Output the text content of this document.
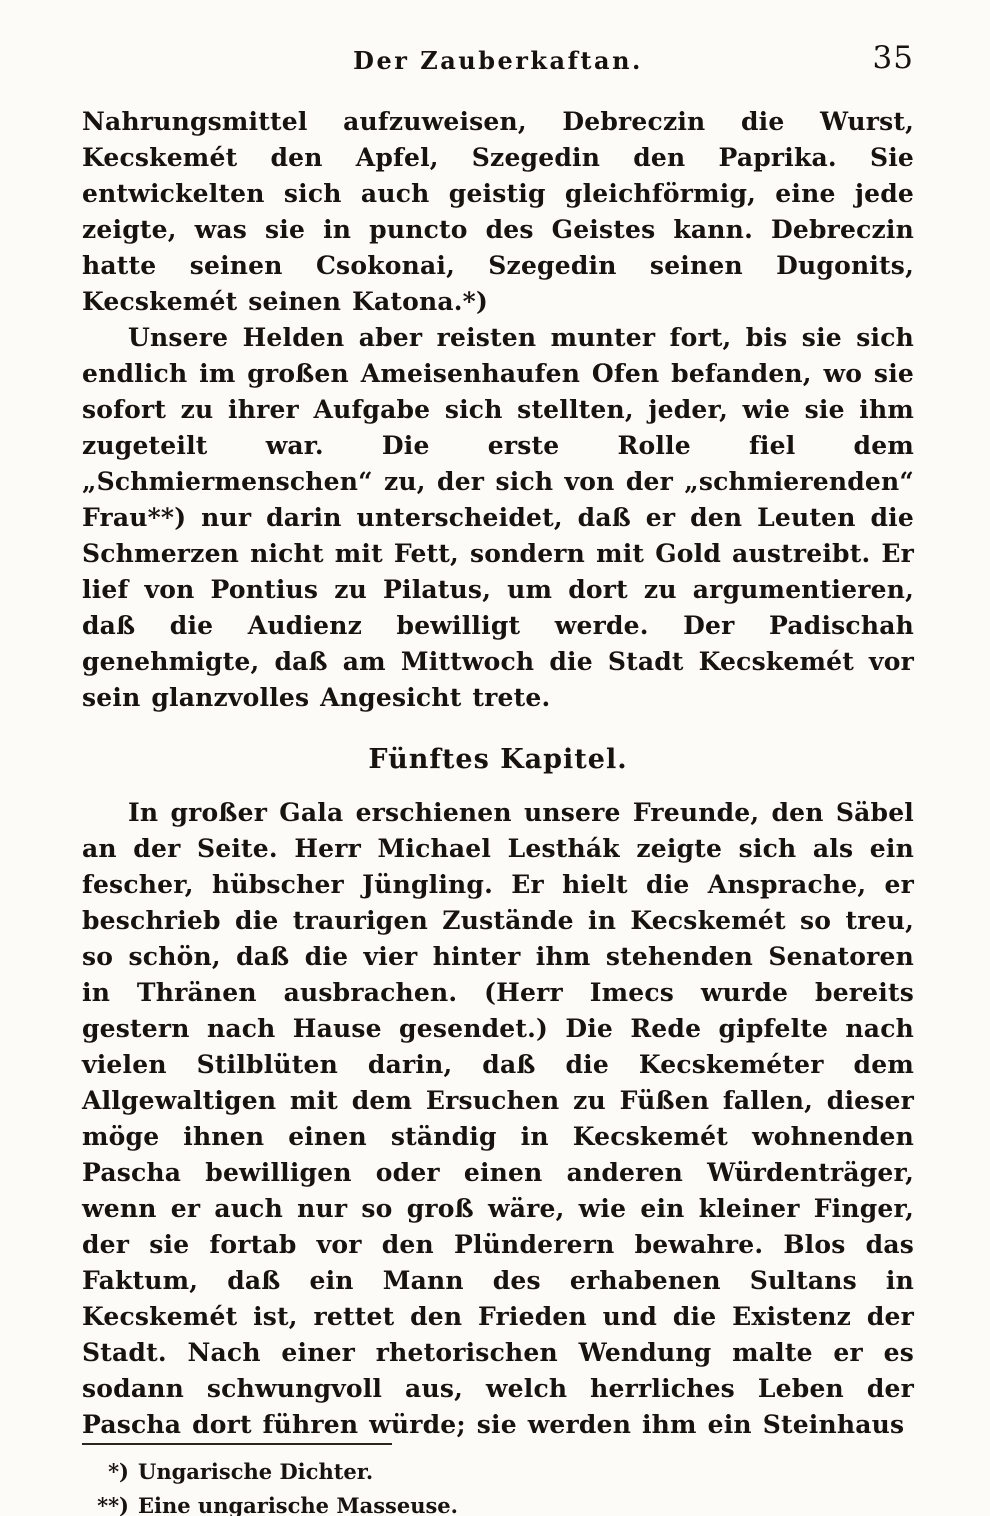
Der Zauberkaftan.	35

Nahrungsmittel aufzuweisen, Debreczin die Wurst, Kecskemét den Apfel, Szegedin den Paprika. Sie entwickelten sich auch geistig gleichförmig, eine jede zeigte, was sie in puncto des Geistes kann. Debreczin hatte seinen Csokonai, Szegedin seinen Dugonits, Kecskemét seinen Katona.*)

Unsere Helden aber reisten munter fort, bis sie sich endlich im großen Ameisenhaufen Ofen befanden, wo sie sofort zu ihrer Aufgabe sich stellten, jeder, wie sie ihm zugeteilt war. Die erste Rolle fiel dem „Schmiermenschen“ zu, der sich von der „schmierenden“ Frau**) nur darin unterscheidet, daß er den Leuten die Schmerzen nicht mit Fett, sondern mit Gold austreibt. Er lief von Pontius zu Pilatus, um dort zu argumentieren, daß die Audienz bewilligt werde. Der Padischah genehmigte, daß am Mittwoch die Stadt Kecskemét vor sein glanzvolles Angesicht trete.

Fünftes Kapitel.

In großer Gala erschienen unsere Freunde, den Säbel an der Seite. Herr Michael Lesthák zeigte sich als ein fescher, hübscher Jüngling. Er hielt die Ansprache, er beschrieb die traurigen Zustände in Kecskemét so treu, so schön, daß die vier hinter ihm stehenden Senatoren in Thränen ausbrachen. (Herr Imecs wurde bereits gestern nach Hause gesendet.) Die Rede gipfelte nach vielen Stilblüten darin, daß die Kecskeméter dem Allgewaltigen mit dem Ersuchen zu Füßen fallen, dieser möge ihnen einen ständig in Kecskemét wohnenden Pascha bewilligen oder einen anderen Würdenträger, wenn er auch nur so groß wäre, wie ein kleiner Finger, der sie fortab vor den Plünderern bewahre. Blos das Faktum, daß ein Mann des erhabenen Sultans in Kecskemét ist, rettet den Frieden und die Existenz der Stadt. Nach einer rhetorischen Wendung malte er es sodann schwungvoll aus, welch herrliches Leben der Pascha dort führen würde; sie werden ihm ein Steinhaus

*) Ungarische Dichter.
**) Eine ungarische Masseuse.
